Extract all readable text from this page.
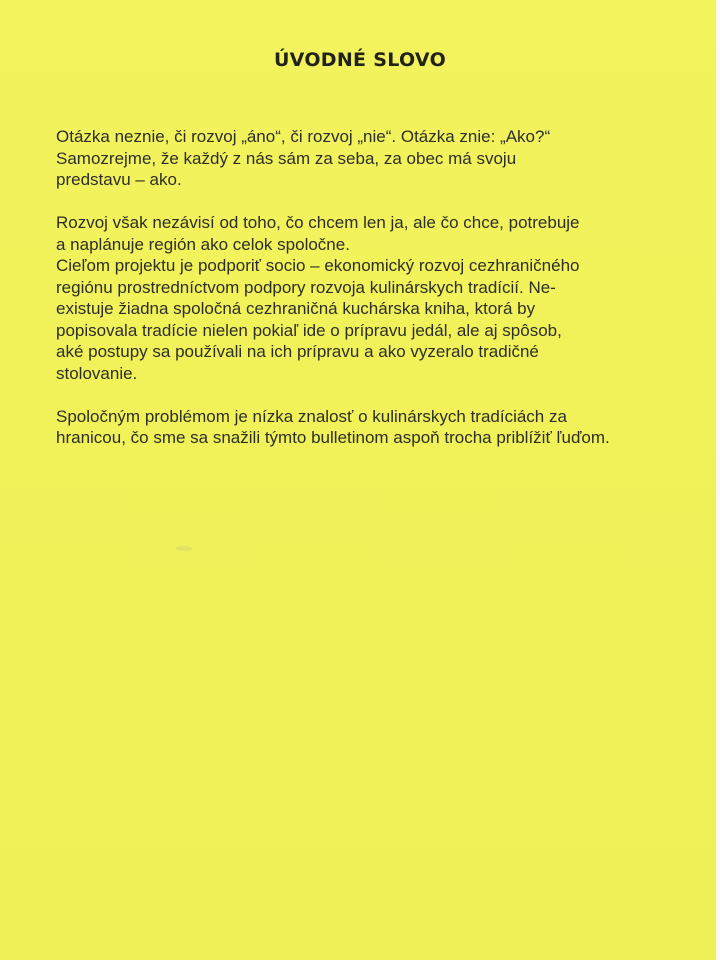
ÚVODNÉ SLOVO

Otázka neznie, či rozvoj „áno“, či rozvoj „nie“. Otázka znie: „Ako?“
Samozrejme, že každý z nás sám za seba, za obec má svoju
predstavu – ako.

Rozvoj však nezávisí od toho, čo chcem len ja, ale čo chce, potrebuje
a naplánuje región ako celok spoločne.
Cieľom projektu je podporiť socio – ekonomický rozvoj cezhraničného
regiónu prostredníctvom podpory rozvoja kulinárskych tradícií. Ne-
existuje žiadna spoločná cezhraničná kuchárska kniha, ktorá by
popisovala tradície nielen pokiaľ ide o prípravu jedál, ale aj spôsob,
aké postupy sa používali na ich prípravu a ako vyzeralo tradičné
stolovanie.

Spoločným problémom je nízka znalosť o kulinárskych tradíciách za
hranicou, čo sme sa snažili týmto bulletinom aspoň trocha priblížiť ľuďom.
